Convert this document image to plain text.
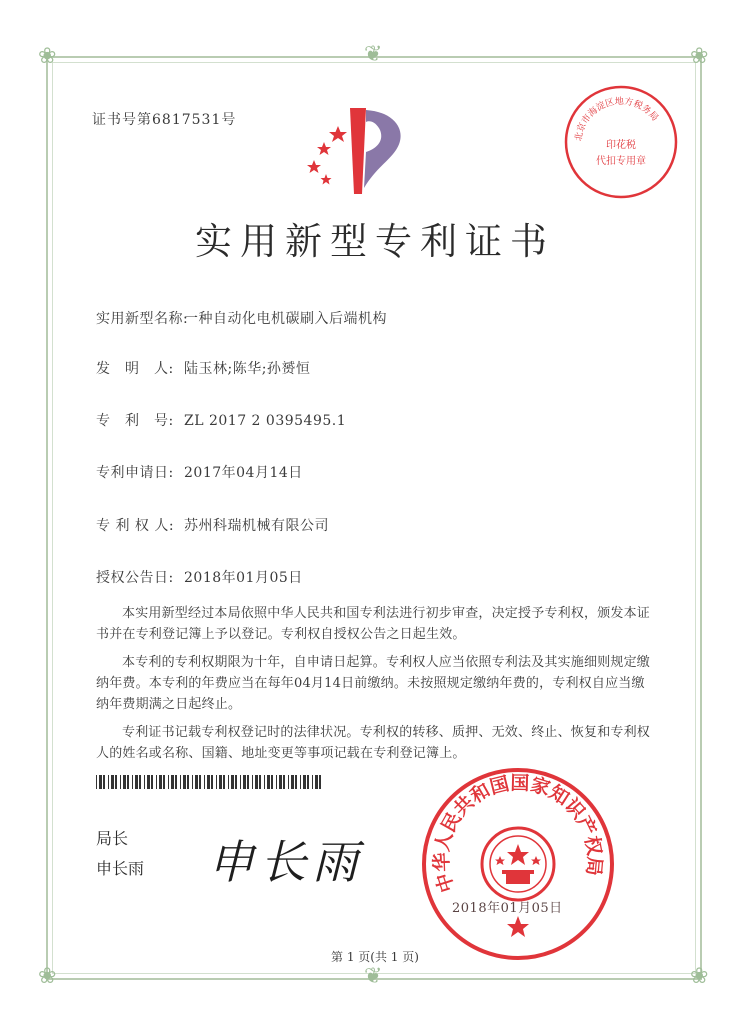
❦
❦
❀	❀
❀	❀
证书号第6817531号
北京市海淀区地方税务局
印花税
代扣专用章
实用新型专利证书
实用新型名称:一种自动化电机碳刷入后端机构
发　明　人: 陆玉林;陈华;孙赟恒
专　利　号: ZL 2017 2 0395495.1
专利申请日: 2017年04月14日
专 利 权 人: 苏州科瑞机械有限公司
授权公告日: 2018年01月05日

本实用新型经过本局依照中华人民共和国专利法进行初步审查，决定授予专利权，颁发本证书并在专利登记簿上予以登记。专利权自授权公告之日起生效。

本专利的专利权期限为十年，自申请日起算。专利权人应当依照专利法及其实施细则规定缴纳年费。本专利的年费应当在每年04月14日前缴纳。未按照规定缴纳年费的，专利权自应当缴纳年费期满之日起终止。

专利证书记载专利权登记时的法律状况。专利权的转移、质押、无效、终止、恢复和专利权人的姓名或名称、国籍、地址变更等事项记载在专利登记簿上。

局长
申长雨 申长雨	中华人民共和国国家知识产权局
2018年01月05日
第 1 页(共 1 页)
